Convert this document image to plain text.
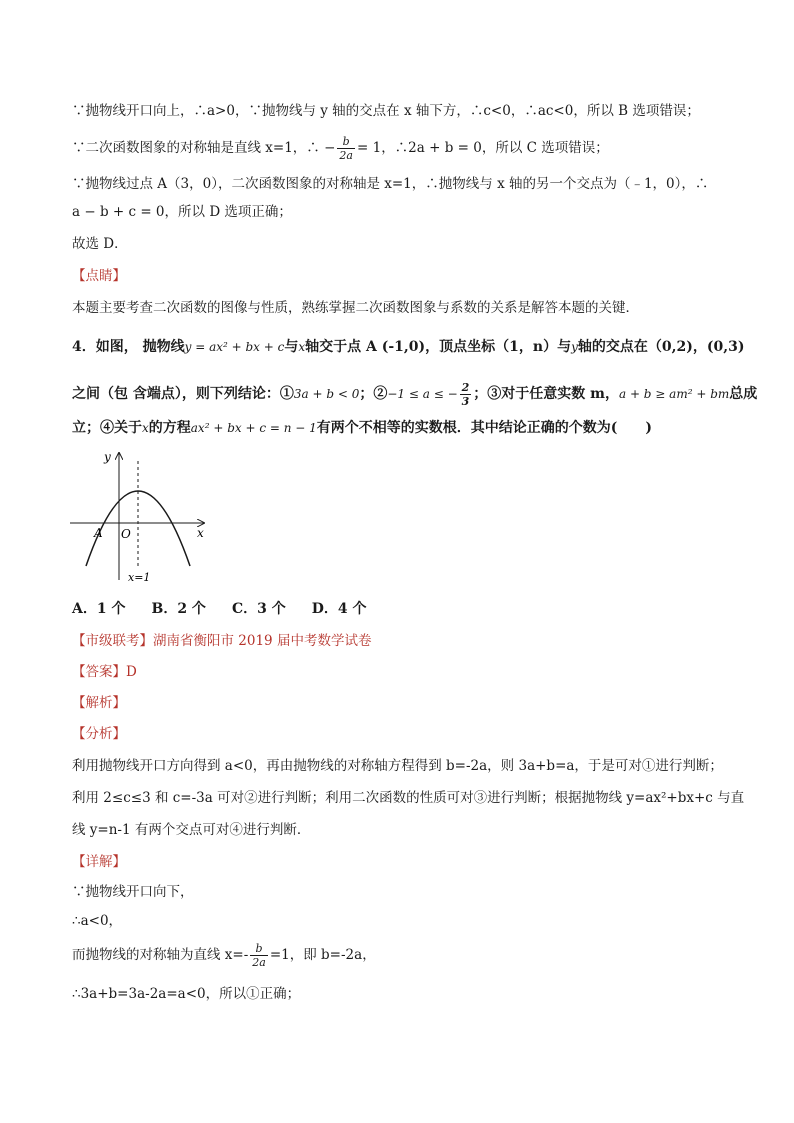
∵抛物线开口向上，∴a>0，∵抛物线与 y 轴的交点在 x 轴下方，∴c<0，∴ac<0，所以 B 选项错误；
∵二次函数图象的对称轴是直线 x=1，∴ − $\frac{b}{2a} = 1$，∴2a + b = 0，所以 C 选项错误；
∵抛物线过点 A（3，0），二次函数图象的对称轴是 x=1，∴抛物线与 x 轴的另一个交点为（﹣1，0），∴
a − b + c = 0，所以 D 选项正确；
故选 D．
【点睛】
本题主要考查二次函数的图像与性质，熟练掌握二次函数图象与系数的关系是解答本题的关键．
4．如图， 抛物线y = ax² + bx + c与x轴交于点 A (-1,0)，顶点坐标（1，n）与y轴的交点在（0,2)，(0,3)
之间（包 含端点），则下列结论：①3a + b < 0；②−1 ≤ a ≤ − $\frac{2}{3}$ ；③对于任意实数 m，a + b ≥ am² + bm总成
立；④关于x的方程ax² + bx + c = n − 1有两个不相等的实数根．其中结论正确的个数为(　　)
y
x
A O
x=1
A．1 个 B．2 个 C．3 个 D．4 个
【市级联考】湖南省衡阳市 2019 届中考数学试卷
【答案】D
【解析】
【分析】
利用抛物线开口方向得到 a<0，再由抛物线的对称轴方程得到 b=-2a，则 3a+b=a，于是可对①进行判断；
利用 2≤c≤3 和 c=-3a 可对②进行判断；利用二次函数的性质可对③进行判断；根据抛物线 y=ax²+bx+c 与直
线 y=n-1 有两个交点可对④进行判断．
【详解】
∵抛物线开口向下，
∴a<0，
而抛物线的对称轴为直线 $x=- \frac{b}{2a} =1$，即 b=-2a，
∴3a+b=3a-2a=a<0，所以①正确；
